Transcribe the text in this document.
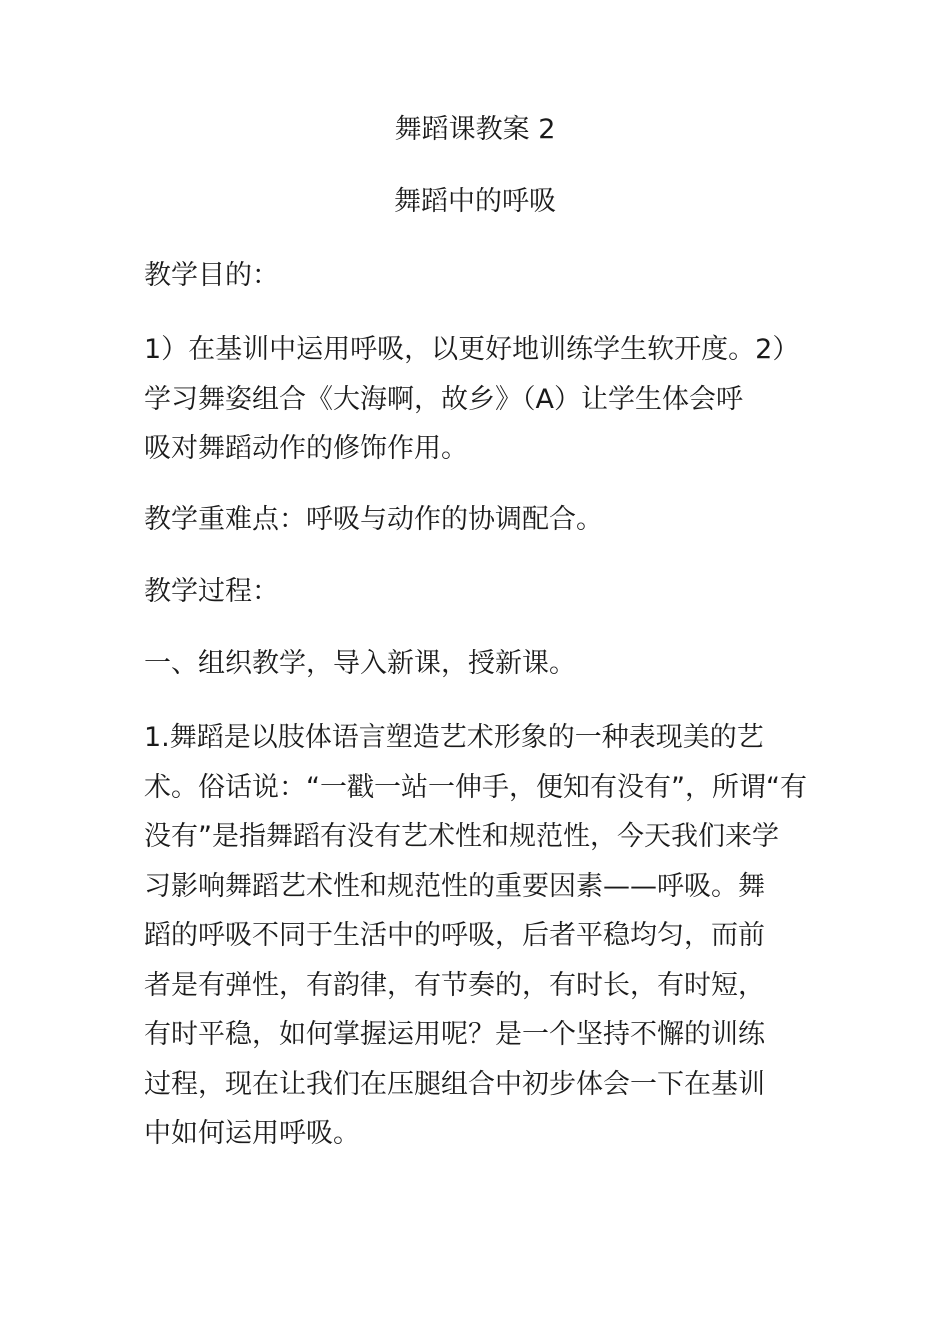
舞蹈课教案 2
舞蹈中的呼吸

教学目的：

1）在基训中运用呼吸，以更好地训练学生软开度。2）
学习舞姿组合《大海啊，故乡》（A）让学生体会呼
吸对舞蹈动作的修饰作用。

教学重难点：呼吸与动作的协调配合。

教学过程：

一、组织教学，导入新课，授新课。

1.舞蹈是以肢体语言塑造艺术形象的一种表现美的艺
术。俗话说：“一戳一站一伸手，便知有没有”，所谓“有
没有”是指舞蹈有没有艺术性和规范性，今天我们来学
习影响舞蹈艺术性和规范性的重要因素——呼吸。舞
蹈的呼吸不同于生活中的呼吸，后者平稳均匀，而前
者是有弹性，有韵律，有节奏的，有时长，有时短，
有时平稳，如何掌握运用呢？是一个坚持不懈的训练
过程，现在让我们在压腿组合中初步体会一下在基训
中如何运用呼吸。
